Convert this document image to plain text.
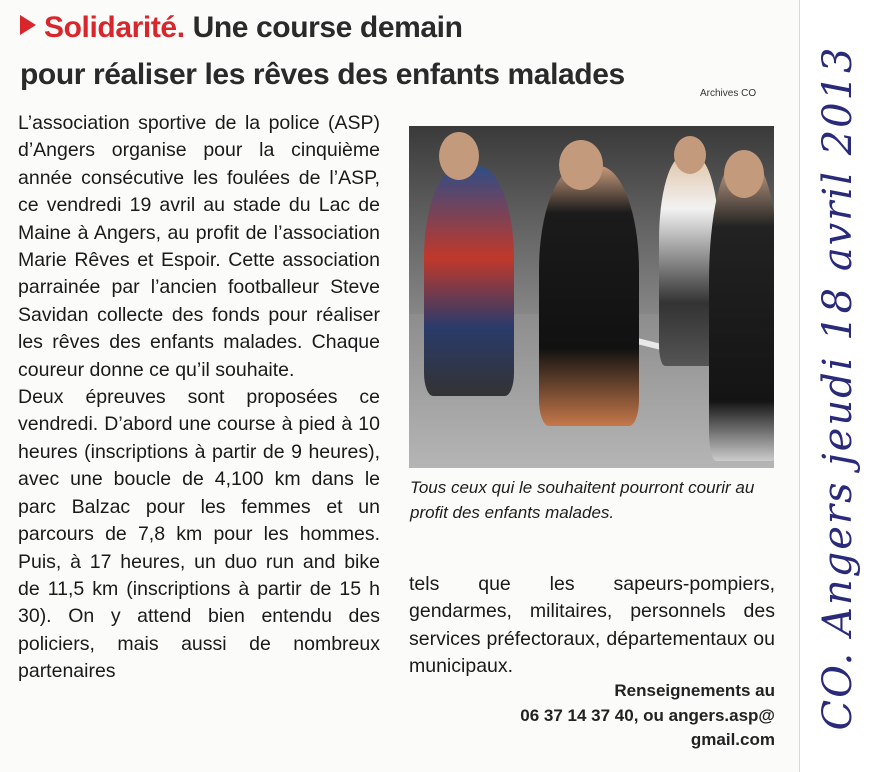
Solidarité. Une course demain
pour réaliser les rêves des enfants malades
Archives CO

L’association sportive de la police (ASP) d’Angers organise pour la cinquième année consécutive les foulées de l’ASP, ce vendredi 19 avril au stade du Lac de Maine à Angers, au profit de l’association Marie Rêves et Espoir. Cette association parrainée par l’ancien footballeur Steve Savidan collecte des fonds pour réaliser les rêves des enfants malades. Chaque coureur donne ce qu’il souhaite.

Deux épreuves sont proposées ce vendredi. D’abord une course à pied à 10 heures (inscriptions à partir de 9 heures), avec une boucle de 4,100 km dans le parc Balzac pour les femmes et un parcours de 7,8 km pour les hommes. Puis, à 17 heures, un duo run and bike de 11,5 km (inscriptions à partir de 15 h 30). On y attend bien entendu des policiers, mais aussi de nombreux partenaires

Tous ceux qui le souhaitent pourront courir au profit des enfants malades.

tels que les sapeurs-pompiers, gendarmes, militaires, personnels des services préfectoraux, départementaux ou municipaux.

Renseignements au
06 37 14 37 40, ou angers.asp@
gmail.com
CO. Angers jeudi 18 avril 2013
